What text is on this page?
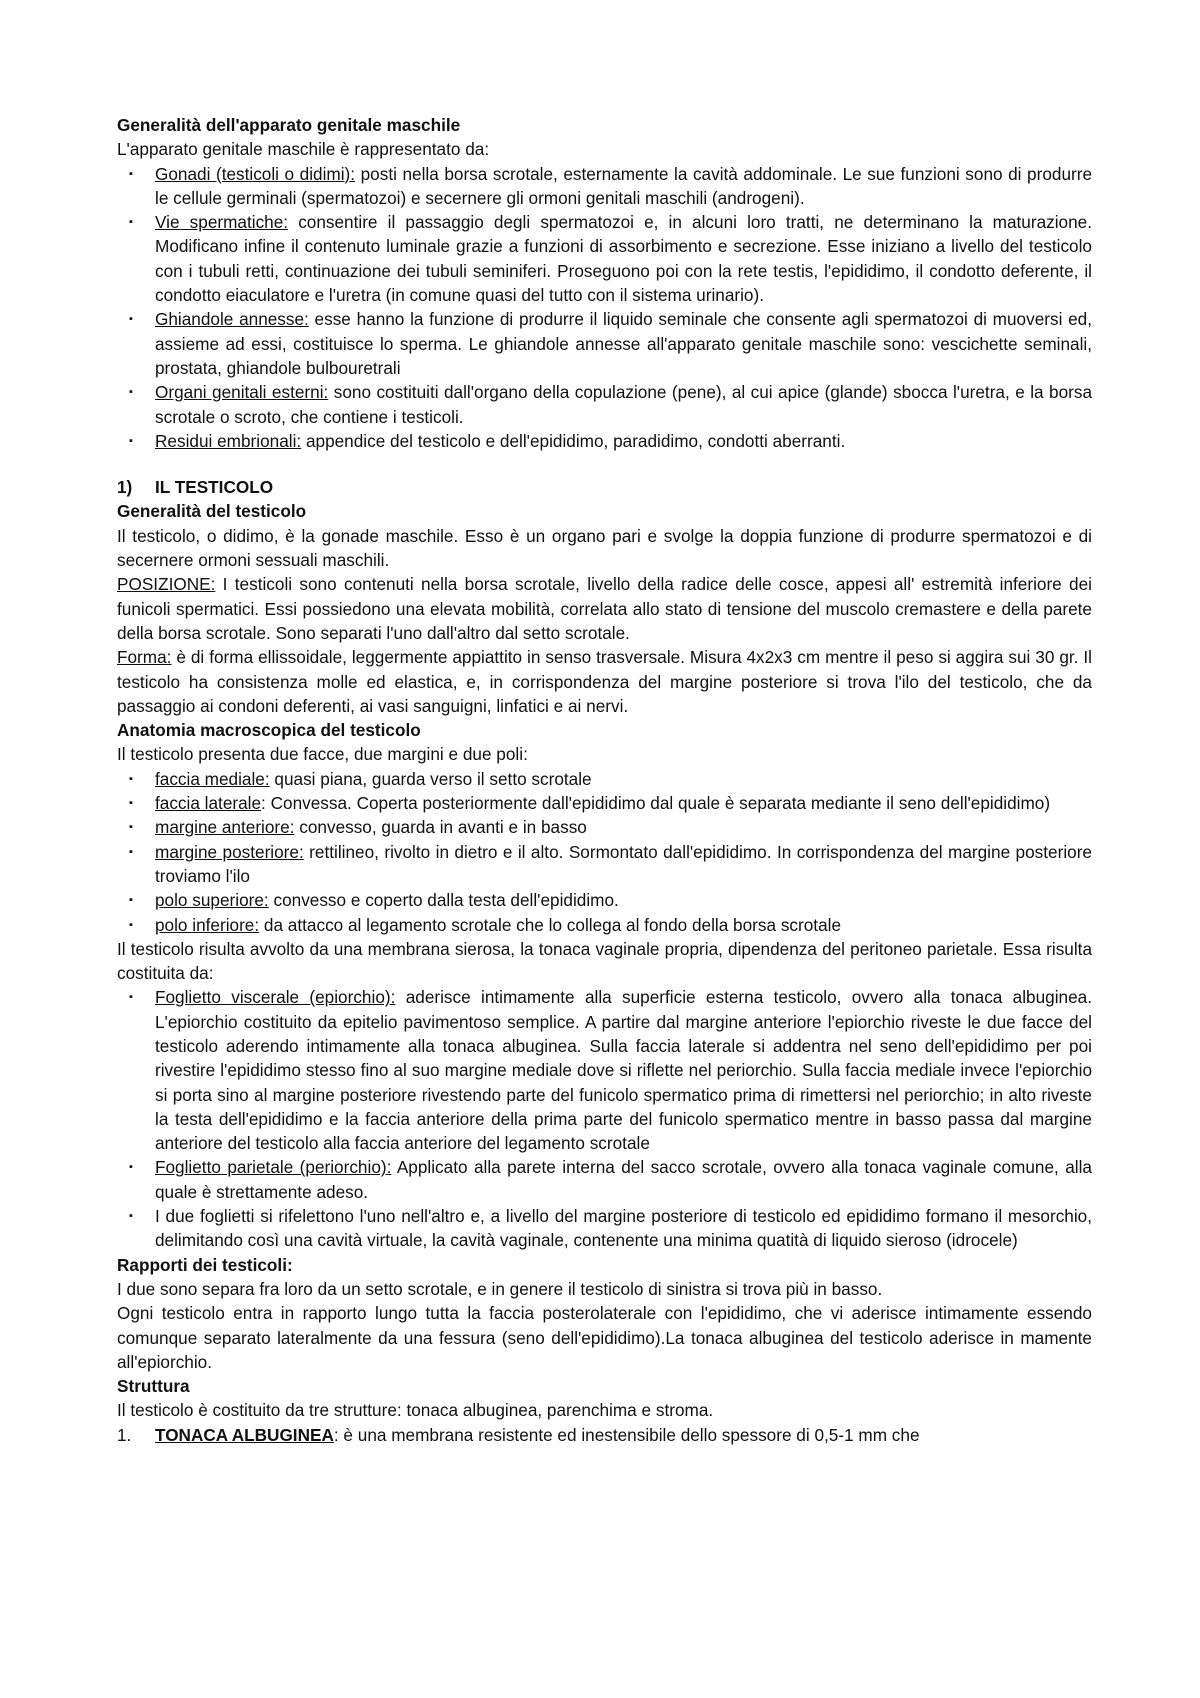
Generalità dell'apparato genitale maschile

L'apparato genitale maschile è rappresentato da:

▪ Gonadi (testicoli o didimi): posti nella borsa scrotale, esternamente la cavità addominale. Le sue funzioni sono di produrre le cellule germinali (spermatozoi) e secernere gli ormoni genitali maschili (androgeni).
▪ Vie spermatiche: consentire il passaggio degli spermatozoi e, in alcuni loro tratti, ne determinano la maturazione. Modificano infine il contenuto luminale grazie a funzioni di assorbimento e secrezione. Esse iniziano a livello del testicolo con i tubuli retti, continuazione dei tubuli seminiferi. Proseguono poi con la rete testis, l'epididimo, il condotto deferente, il condotto eiaculatore e l'uretra (in comune quasi del tutto con il sistema urinario).
▪ Ghiandole annesse: esse hanno la funzione di produrre il liquido seminale che consente agli spermatozoi di muoversi ed, assieme ad essi, costituisce lo sperma. Le ghiandole annesse all'apparato genitale maschile sono: vescichette seminali, prostata, ghiandole bulbouretrali
▪ Organi genitali esterni: sono costituiti dall'organo della copulazione (pene), al cui apice (glande) sbocca l'uretra, e la borsa scrotale o scroto, che contiene i testicoli.
▪ Residui embrionali: appendice del testicolo e dell'epididimo, paradidimo, condotti aberranti.

1) IL TESTICOLO

Generalità del testicolo

Il testicolo, o didimo, è la gonade maschile. Esso è un organo pari e svolge la doppia funzione di produrre spermatozoi e di secernere ormoni sessuali maschili.

POSIZIONE: I testicoli sono contenuti nella borsa scrotale, livello della radice delle cosce, appesi all' estremità inferiore dei funicoli spermatici. Essi possiedono una elevata mobilità, correlata allo stato di tensione del muscolo cremastere e della parete della borsa scrotale. Sono separati l'uno dall'altro dal setto scrotale.

Forma: è di forma ellissoidale, leggermente appiattito in senso trasversale. Misura 4x2x3 cm mentre il peso si aggira sui 30 gr. Il testicolo ha consistenza molle ed elastica, e, in corrispondenza del margine posteriore si trova l'ilo del testicolo, che da passaggio ai condoni deferenti, ai vasi sanguigni, linfatici e ai nervi.

Anatomia macroscopica del testicolo

Il testicolo presenta due facce, due margini e due poli:

▪ faccia mediale: quasi piana, guarda verso il setto scrotale
▪ faccia laterale: Convessa. Coperta posteriormente dall'epididimo dal quale è separata mediante il seno dell'epididimo)
▪ margine anteriore: convesso, guarda in avanti e in basso
▪ margine posteriore: rettilineo, rivolto in dietro e il alto. Sormontato dall'epididimo. In corrispondenza del margine posteriore troviamo l'ilo
▪ polo superiore: convesso e coperto dalla testa dell'epididimo.
▪ polo inferiore: da attacco al legamento scrotale che lo collega al fondo della borsa scrotale

Il testicolo risulta avvolto da una membrana sierosa, la tonaca vaginale propria, dipendenza del peritoneo parietale. Essa risulta costituita da:

▪ Foglietto viscerale (epiorchio): aderisce intimamente alla superficie esterna testicolo, ovvero alla tonaca albuginea. L'epiorchio costituito da epitelio pavimentoso semplice. A partire dal margine anteriore l'epiorchio riveste le due facce del testicolo aderendo intimamente alla tonaca albuginea. Sulla faccia laterale si addentra nel seno dell'epididimo per poi rivestire l'epididimo stesso fino al suo margine mediale dove si riflette nel periorchio. Sulla faccia mediale invece l'epiorchio si porta sino al margine posteriore rivestendo parte del funicolo spermatico prima di rimettersi nel periorchio; in alto riveste la testa dell'epididimo e la faccia anteriore della prima parte del funicolo spermatico mentre in basso passa dal margine anteriore del testicolo alla faccia anteriore del legamento scrotale
▪ Foglietto parietale (periorchio): Applicato alla parete interna del sacco scrotale, ovvero alla tonaca vaginale comune, alla quale è strettamente adeso.
▪ I due foglietti si rifelettono l'uno nell'altro e, a livello del margine posteriore di testicolo ed epididimo formano il mesorchio, delimitando così una cavità virtuale, la cavità vaginale, contenente una minima quatità di liquido sieroso (idrocele)

Rapporti dei testicoli:

I due sono separa fra loro da un setto scrotale, e in genere il testicolo di sinistra si trova più in basso.

Ogni testicolo entra in rapporto lungo tutta la faccia posterolaterale con l'epididimo, che vi aderisce intimamente essendo comunque separato lateralmente da una fessura (seno dell'epididimo).La tonaca albuginea del testicolo aderisce in mamente all'epiorchio.

Struttura

Il testicolo è costituito da tre strutture: tonaca albuginea, parenchima e stroma.

1. TONACA ALBUGINEA: è una membrana resistente ed inestensibile dello spessore di 0,5-1 mm che
